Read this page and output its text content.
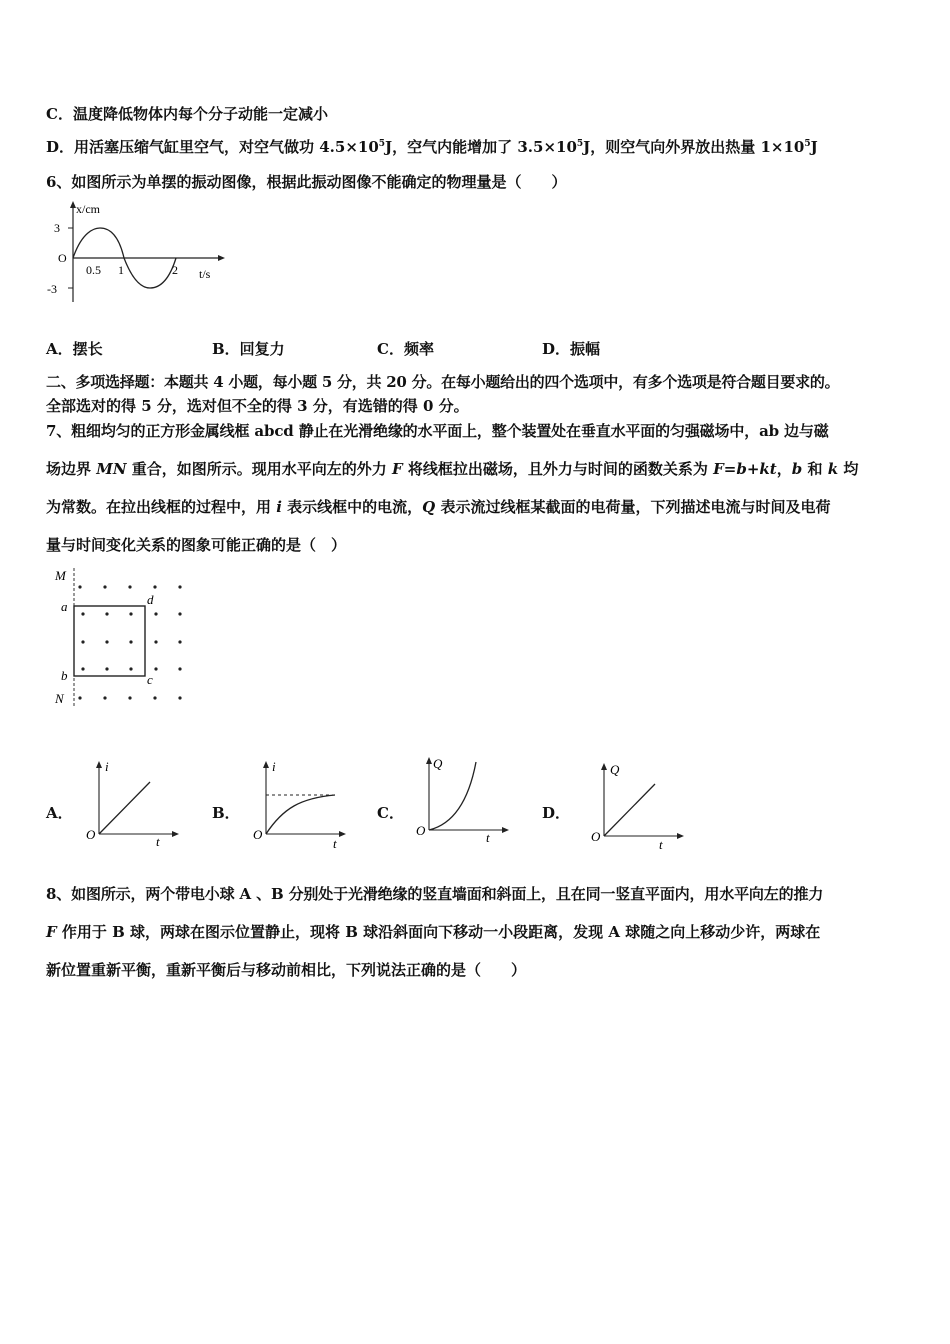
C．温度降低物体内每个分子动能一定减小
D．用活塞压缩气缸里空气，对空气做功 $4.5\times 10^5J$，空气内能增加了 $3.5\times 10^5J$，则空气向外界放出热量 $1\times 10^5J$
6、如图所示为单摆的振动图像，根据此振动图像不能确定的物理量是（　　）
x/cm
3
O
-3
0.5 1	2 t/s
A．摆长	B．回复力	C．频率	D．振幅
二、多项选择题：本题共 4 小题，每小题 5 分，共 20 分。在每小题给出的四个选项中，有多个选项是符合题目要求的。
全部选对的得 5 分，选对但不全的得 3 分，有选错的得 0 分。
7、粗细均匀的正方形金属线框 abcd 静止在光滑绝缘的水平面上，整个装置处在垂直水平面的匀强磁场中，ab 边与磁
场边界 MN 重合，如图所示。现用水平向左的外力 F 将线框拉出磁场，且外力与时间的函数关系为 F=b+kt，b 和 k 均
为常数。在拉出线框的过程中，用 i 表示线框中的电流，Q 表示流过线框某截面的电荷量，下列描述电流与时间及电荷
量与时间变化关系的图象可能正确的是（　）
M
a	d
b	c
N
A．
i
O	t
B．
i
O
t
C．
Q
O	t
D．
Q
O
t
8、如图所示，两个带电小球 A 、B 分别处于光滑绝缘的竖直墙面和斜面上，且在同一竖直平面内，用水平向左的推力
F 作用于 B 球，两球在图示位置静止，现将 B 球沿斜面向下移动一小段距离，发现 A 球随之向上移动少许，两球在
新位置重新平衡，重新平衡后与移动前相比，下列说法正确的是（　　）
